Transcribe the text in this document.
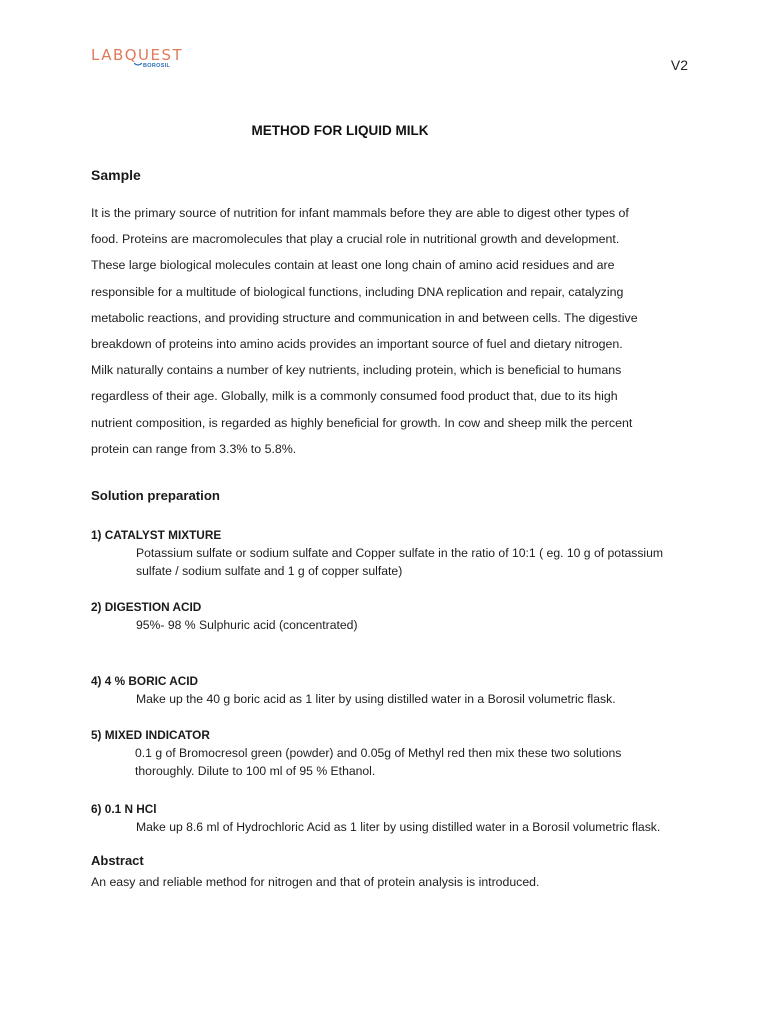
LABQUEST
BOROSIL	V2
METHOD FOR LIQUID MILK
Sample
It is the primary source of nutrition for infant mammals before they are able to digest other types of
food. Proteins are macromolecules that play a crucial role in nutritional growth and development.
These large biological molecules contain at least one long chain of amino acid residues and are
responsible for a multitude of biological functions, including DNA replication and repair, catalyzing
metabolic reactions, and providing structure and communication in and between cells. The digestive
breakdown of proteins into amino acids provides an important source of fuel and dietary nitrogen.
Milk naturally contains a number of key nutrients, including protein, which is beneficial to humans
regardless of their age. Globally, milk is a commonly consumed food product that, due to its high
nutrient composition, is regarded as highly beneficial for growth. In cow and sheep milk the percent
protein can range from 3.3% to 5.8%.
Solution preparation
1) CATALYST MIXTURE
Potassium sulfate or sodium sulfate and Copper sulfate in the ratio of 10:1 ( eg. 10 g of potassium
sulfate / sodium sulfate and 1 g of copper sulfate)
2) DIGESTION ACID
95%- 98 % Sulphuric acid (concentrated)
4) 4 % BORIC ACID
Make up the 40 g boric acid as 1 liter by using distilled water in a Borosil volumetric flask.
5) MIXED INDICATOR
0.1 g of Bromocresol green (powder) and 0.05g of Methyl red then mix these two solutions
thoroughly. Dilute to 100 ml of 95 % Ethanol.
6) 0.1 N HCl
Make up 8.6 ml of Hydrochloric Acid as 1 liter by using distilled water in a Borosil volumetric flask.
Abstract
An easy and reliable method for nitrogen and that of protein analysis is introduced.
